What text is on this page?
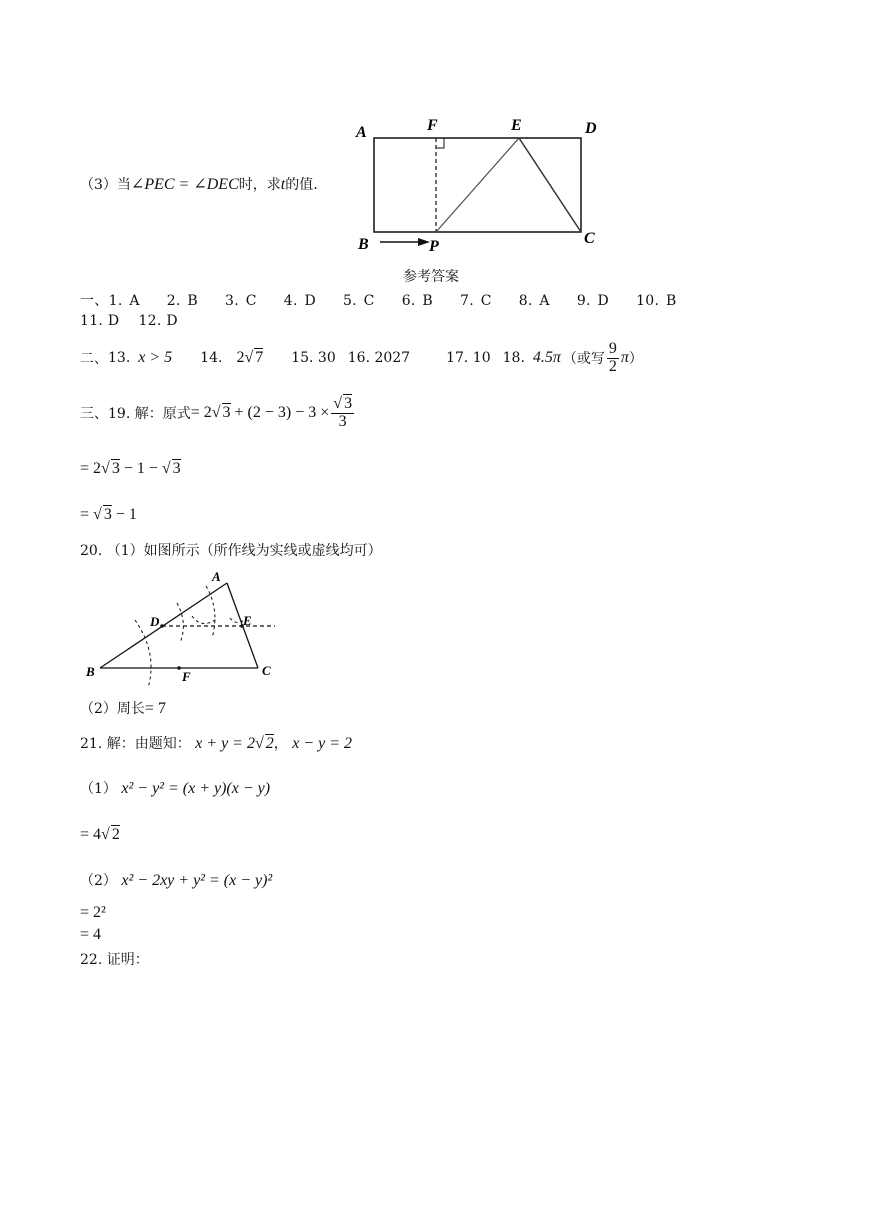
（3）当∠PEC = ∠DEC时，求t的值.
A	F	E	D
B	P	C
参考答案
一、1. A    2. B    3. C    4. D    5. C    6. B    7. C    8. A    9. D    10. B
11. D    12. D
二、 13. x > 5 14. 2√ 7 15. 30 16. 2027	17. 10 18. 4.5π （或写 $\frac{9}{2}$ π ）
三、 19. 解：原式 = 2√ $3 + (2 - 3) - 3 \times \frac{√ 3}{3}$
= 2√ 3 − 1 − √ 3
= √ 3 − 1
20. （1）如图所示（所作线为实线或虚线均可）
A
D	E
B	F	C
（2）周长= 7
21. 解：由题知： x + y = 2√ 2， x − y = 2
（1） x² − y² = (x + y)(x − y)
= 4√ 2
（2） x² − 2xy + y² = (x − y)²
= 2²
= 4
22. 证明：
